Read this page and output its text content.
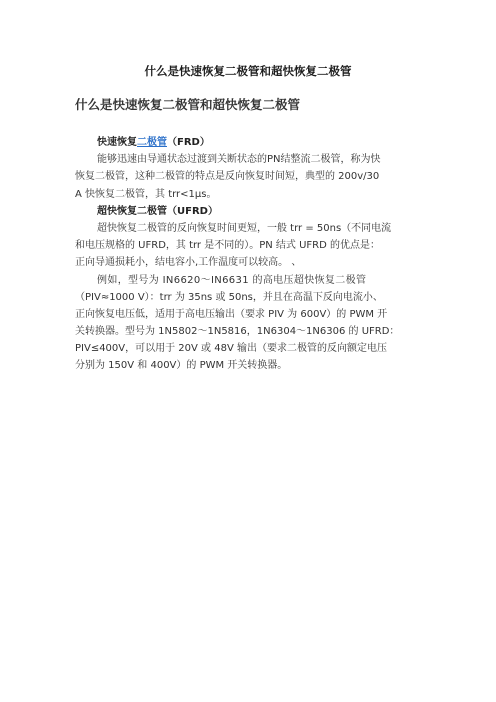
什么是快速恢复二极管和超快恢复二极管
什么是快速恢复二极管和超快恢复二极管
快速恢复二极管（FRD）
能够迅速由导通状态过渡到关断状态的PN结整流二极管，称为快
恢复二极管，这种二极管的特点是反向恢复时间短，典型的 200v/30
A 快恢复二极管，其 trr<1μs。
超快恢复二极管（UFRD）
超快恢复二极管的反向恢复时间更短，一般 trr = 50ns（不同电流
和电压规格的 UFRD，其 trr 是不同的）。PN 结式 UFRD 的优点是：
正向导通损耗小，结电容小,工作温度可以较高。 、
例如，型号为 IN6620～IN6631 的高电压超快恢复二极管
（PIV≈1000 V）：trr 为 35ns 或 50ns，并且在高温下反向电流小、
正向恢复电压低，适用于高电压输出（要求 PIV 为 600V）的 PWM 开
关转换器。型号为 1N5802～1N5816，1N6304～1N6306 的 UFRD：
PIV≤400V，可以用于 20V 或 48V 输出（要求二极管的反向额定电压
分别为 150V 和 400V）的 PWM 开关转换器。
